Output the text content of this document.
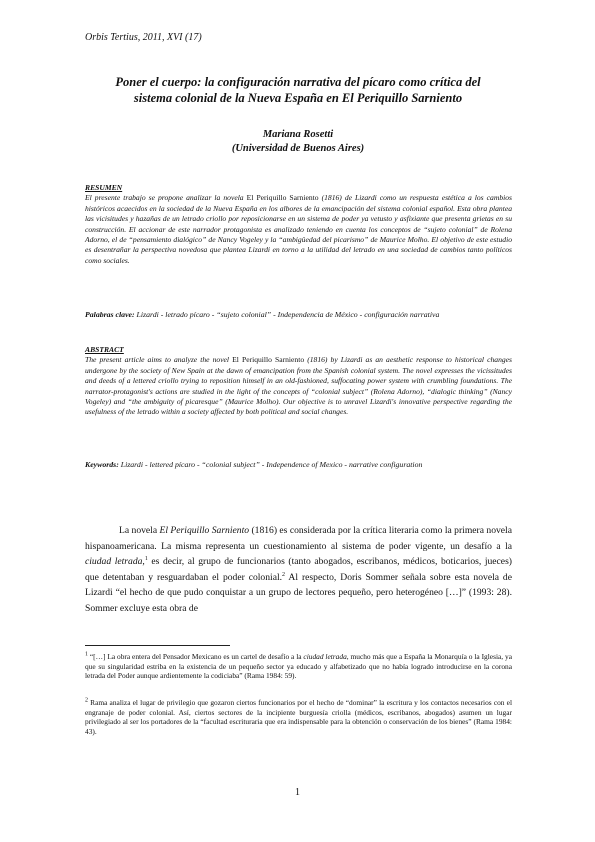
Orbis Tertius, 2011, XVI (17)
Poner el cuerpo: la configuración narrativa del pícaro como crítica del
sistema colonial de la Nueva España en El Periquillo Sarniento
Mariana Rosetti
(Universidad de Buenos Aires)
RESUMEN
El presente trabajo se propone analizar la novela El Periquillo Sarniento (1816) de Lizardi como un respuesta estética a los cambios históricos acaecidos en la sociedad de la Nueva España en los albores de la emancipación del sistema colonial español. Esta obra plantea las vicisitudes y hazañas de un letrado criollo por reposicionarse en un sistema de poder ya vetusto y asfixiante que presenta grietas en su construcción. El accionar de este narrador protagonista es analizado teniendo en cuenta los conceptos de “sujeto colonial” de Rolena Adorno, el de “pensamiento dialógico” de Nancy Vogeley y la “ambigüedad del picarismo” de Maurice Molho. El objetivo de este estudio es desentrañar la perspectiva novedosa que plantea Lizardi en torno a la utilidad del letrado en una sociedad de cambios tanto políticos como sociales.
Palabras clave: Lizardi - letrado pícaro - “sujeto colonial” - Independencia de México - configuración narrativa
ABSTRACT
The present article aims to analyze the novel El Periquillo Sarniento (1816) by Lizardi as an aesthetic response to historical changes undergone by the society of New Spain at the dawn of emancipation from the Spanish colonial system. The novel expresses the vicissitudes and deeds of a lettered criollo trying to reposition himself in an old-fashioned, suffocating power system with crumbling foundations. The narrator-protagonist's actions are studied in the light of the concepts of “colonial subject” (Rolena Adorno), “dialogic thinking” (Nancy Vogeley) and “the ambiguity of picaresque” (Maurice Molho). Our objective is to unravel Lizardi's innovative perspective regarding the usefulness of the letrado within a society affected by both political and social changes.
Keywords: Lizardi - lettered pícaro - “colonial subject” - Independence of Mexico - narrative configuration
La novela El Periquillo Sarniento (1816) es considerada por la crítica literaria como la primera novela hispanoamericana. La misma representa un cuestionamiento al sistema de poder vigente, un desafío a la ciudad letrada,$^1$ es decir, al grupo de funcionarios (tanto abogados, escribanos, médicos, boticarios, jueces) que detentaban y resguardaban el poder colonial.$^2$ Al respecto, Doris Sommer señala sobre esta novela de Lizardi “el hecho de que pudo conquistar a un grupo de lectores pequeño, pero heterogéneo […]” (1993: 28). Sommer excluye esta obra de
$^1$ “[…] La obra entera del Pensador Mexicano es un cartel de desafío a la ciudad letrada, mucho más que a España la Monarquía o la Iglesia, ya que su singularidad estriba en la existencia de un pequeño sector ya educado y alfabetizado que no había logrado introducirse en la corona letrada del Poder aunque ardientemente la codiciaba” (Rama 1984: 59).
$^2$ Rama analiza el lugar de privilegio que gozaron ciertos funcionarios por el hecho de “dominar” la escritura y los contactos necesarios con el engranaje de poder colonial. Así, ciertos sectores de la incipiente burguesía criolla (médicos, escribanos, abogados) asumen un lugar privilegiado al ser los portadores de la “facultad escrituraria que era indispensable para la obtención o conservación de los bienes” (Rama 1984: 43).
1
